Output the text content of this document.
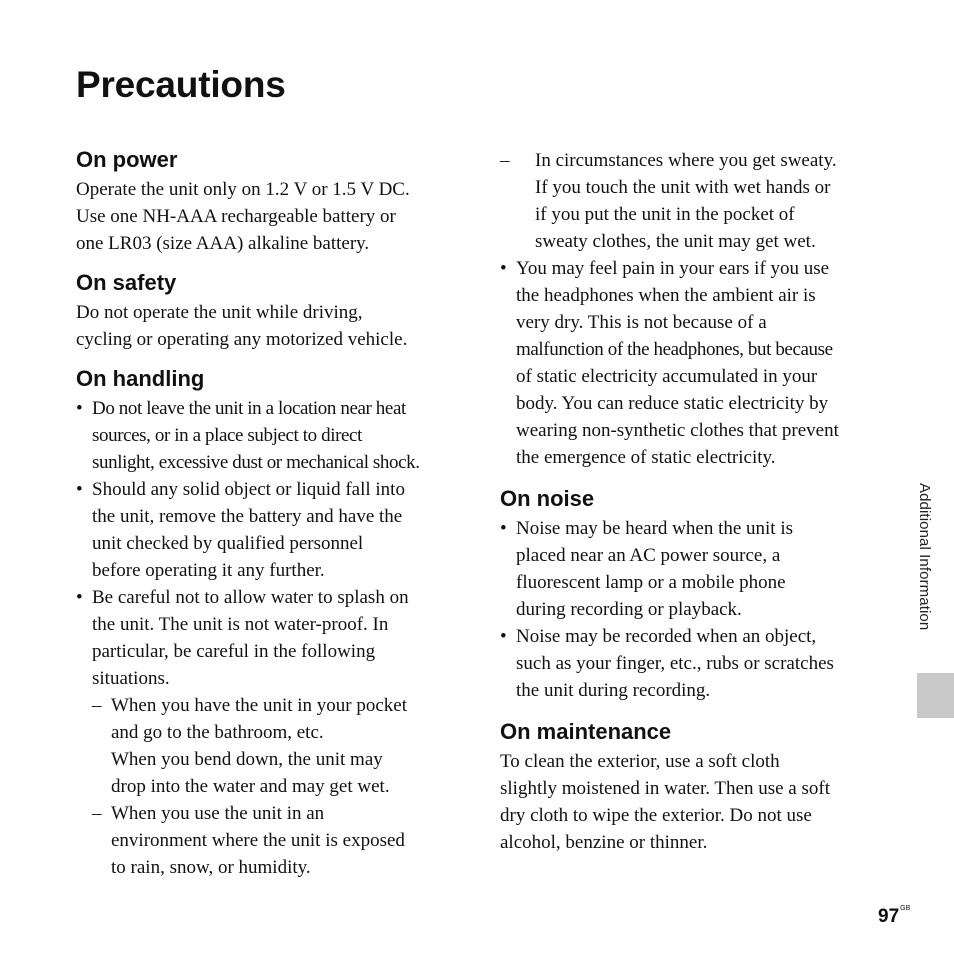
Precautions
On power
Operate the unit only on 1.2 V or 1.5 V DC.
Use one NH-AAA rechargeable battery or
one LR03 (size AAA) alkaline battery.
On safety
Do not operate the unit while driving,
cycling or operating any motorized vehicle.
On handling
• Do not leave the unit in a location near heat
sources, or in a place subject to direct
sunlight, excessive dust or mechanical shock.
• Should any solid object or liquid fall into
the unit, remove the battery and have the
unit checked by qualified personnel
before operating it any further.
• Be careful not to allow water to splash on
the unit. The unit is not water-proof. In
particular, be careful in the following
situations.
– When you have the unit in your pocket
and go to the bathroom, etc.
When you bend down, the unit may
drop into the water and may get wet.
– When you use the unit in an
environment where the unit is exposed
to rain, snow, or humidity.
– In circumstances where you get sweaty.
If you touch the unit with wet hands or
if you put the unit in the pocket of
sweaty clothes, the unit may get wet.
• You may feel pain in your ears if you use
the headphones when the ambient air is
very dry. This is not because of a
malfunction of the headphones, but because
of static electricity accumulated in your
body. You can reduce static electricity by
wearing non-synthetic clothes that prevent
the emergence of static electricity.
On noise
• Noise may be heard when the unit is
placed near an AC power source, a
fluorescent lamp or a mobile phone
during recording or playback.
• Noise may be recorded when an object,
such as your finger, etc., rubs or scratches
the unit during recording.
On maintenance
To clean the exterior, use a soft cloth
slightly moistened in water. Then use a soft
dry cloth to wipe the exterior. Do not use
alcohol, benzine or thinner.
Additional Information
$97^{GB}$
